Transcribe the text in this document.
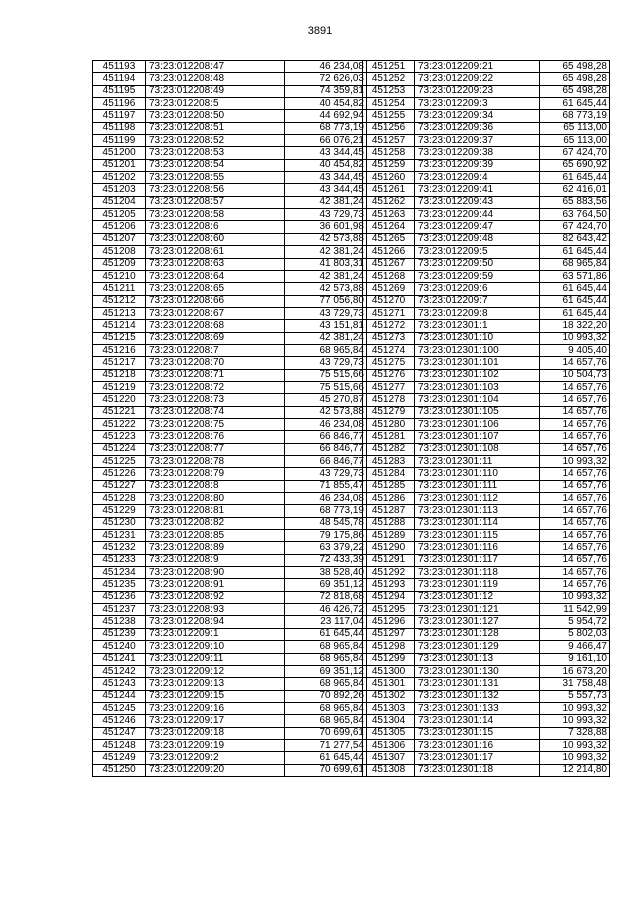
3891
451193	73:23:012208:47	46 234,08
451194	73:23:012208:48	72 626,03
451195	73:23:012208:49	74 359,81
451196	73:23:012208:5	40 454,82
451197	73:23:012208:50	44 692,94
451198	73:23:012208:51	68 773,19
451199	73:23:012208:52	66 076,21
451200	73:23:012208:53	43 344,45
451201	73:23:012208:54	40 454,82
451202	73:23:012208:55	43 344,45
451203	73:23:012208:56	43 344,45
451204	73:23:012208:57	42 381,24
451205	73:23:012208:58	43 729,73
451206	73:23:012208:6	36 601,98
451207	73:23:012208:60	42 573,88
451208	73:23:012208:61	42 381,24
451209	73:23:012208:63	41 803,31
451210	73:23:012208:64	42 381,24
451211	73:23:012208:65	42 573,88
451212	73:23:012208:66	77 056,80
451213	73:23:012208:67	43 729,73
451214	73:23:012208:68	43 151,81
451215	73:23:012208:69	42 381,24
451216	73:23:012208:7	68 965,84
451217	73:23:012208:70	43 729,73
451218	73:23:012208:71	75 515,66
451219	73:23:012208:72	75 515,66
451220	73:23:012208:73	45 270,87
451221	73:23:012208:74	42 573,88
451222	73:23:012208:75	46 234,08
451223	73:23:012208:76	66 846,77
451224	73:23:012208:77	66 846,77
451225	73:23:012208:78	66 846,77
451226	73:23:012208:79	43 729,73
451227	73:23:012208:8	71 855,47
451228	73:23:012208:80	46 234,08
451229	73:23:012208:81	68 773,19
451230	73:23:012208:82	48 545,78
451231	73:23:012208:85	79 175,86
451232	73:23:012208:89	63 379,22
451233	73:23:012208:9	72 433,39
451234	73:23:012208:90	38 528,40
451235	73:23:012208:91	69 351,12
451236	73:23:012208:92	72 818,68
451237	73:23:012208:93	46 426,72
451238	73:23:012208:94	23 117,04
451239	73:23:012209:1	61 645,44
451240	73:23:012209:10	68 965,84
451241	73:23:012209:11	68 965,84
451242	73:23:012209:12	69 351,12
451243	73:23:012209:13	68 965,84
451244	73:23:012209:15	70 892,26
451245	73:23:012209:16	68 965,84
451246	73:23:012209:17	68 965,84
451247	73:23:012209:18	70 699,61
451248	73:23:012209:19	71 277,54
451249	73:23:012209:2	61 645,44
451250	73:23:012209:20	70 699,61
451251	73:23:012209:21	65 498,28
451252	73:23:012209:22	65 498,28
451253	73:23:012209:23	65 498,28
451254	73:23:012209:3	61 645,44
451255	73:23:012209:34	68 773,19
451256	73:23:012209:36	65 113,00
451257	73:23:012209:37	65 113,00
451258	73:23:012209:38	67 424,70
451259	73:23:012209:39	65 690,92
451260	73:23:012209:4	61 645,44
451261	73:23:012209:41	62 416,01
451262	73:23:012209:43	65 883,56
451263	73:23:012209:44	63 764,50
451264	73:23:012209:47	67 424,70
451265	73:23:012209:48	82 643,42
451266	73:23:012209:5	61 645,44
451267	73:23:012209:50	68 965,84
451268	73:23:012209:59	63 571,86
451269	73:23:012209:6	61 645,44
451270	73:23:012209:7	61 645,44
451271	73:23:012209:8	61 645,44
451272	73:23:012301:1	18 322,20
451273	73:23:012301:10	10 993,32
451274	73:23:012301:100	9 405,40
451275	73:23:012301:101	14 657,76
451276	73:23:012301:102	10 504,73
451277	73:23:012301:103	14 657,76
451278	73:23:012301:104	14 657,76
451279	73:23:012301:105	14 657,76
451280	73:23:012301:106	14 657,76
451281	73:23:012301:107	14 657,76
451282	73:23:012301:108	14 657,76
451283	73:23:012301:11	10 993,32
451284	73:23:012301:110	14 657,76
451285	73:23:012301:111	14 657,76
451286	73:23:012301:112	14 657,76
451287	73:23:012301:113	14 657,76
451288	73:23:012301:114	14 657,76
451289	73:23:012301:115	14 657,76
451290	73:23:012301:116	14 657,76
451291	73:23:012301:117	14 657,76
451292	73:23:012301:118	14 657,76
451293	73:23:012301:119	14 657,76
451294	73:23:012301:12	10 993,32
451295	73:23:012301:121	11 542,99
451296	73:23:012301:127	5 954,72
451297	73:23:012301:128	5 802,03
451298	73:23:012301:129	9 466,47
451299	73:23:012301:13	9 161,10
451300	73:23:012301:130	16 673,20
451301	73:23:012301:131	31 758,48
451302	73:23:012301:132	5 557,73
451303	73:23:012301:133	10 993,32
451304	73:23:012301:14	10 993,32
451305	73:23:012301:15	7 328,88
451306	73:23:012301:16	10 993,32
451307	73:23:012301:17	10 993,32
451308	73:23:012301:18	12 214,80
